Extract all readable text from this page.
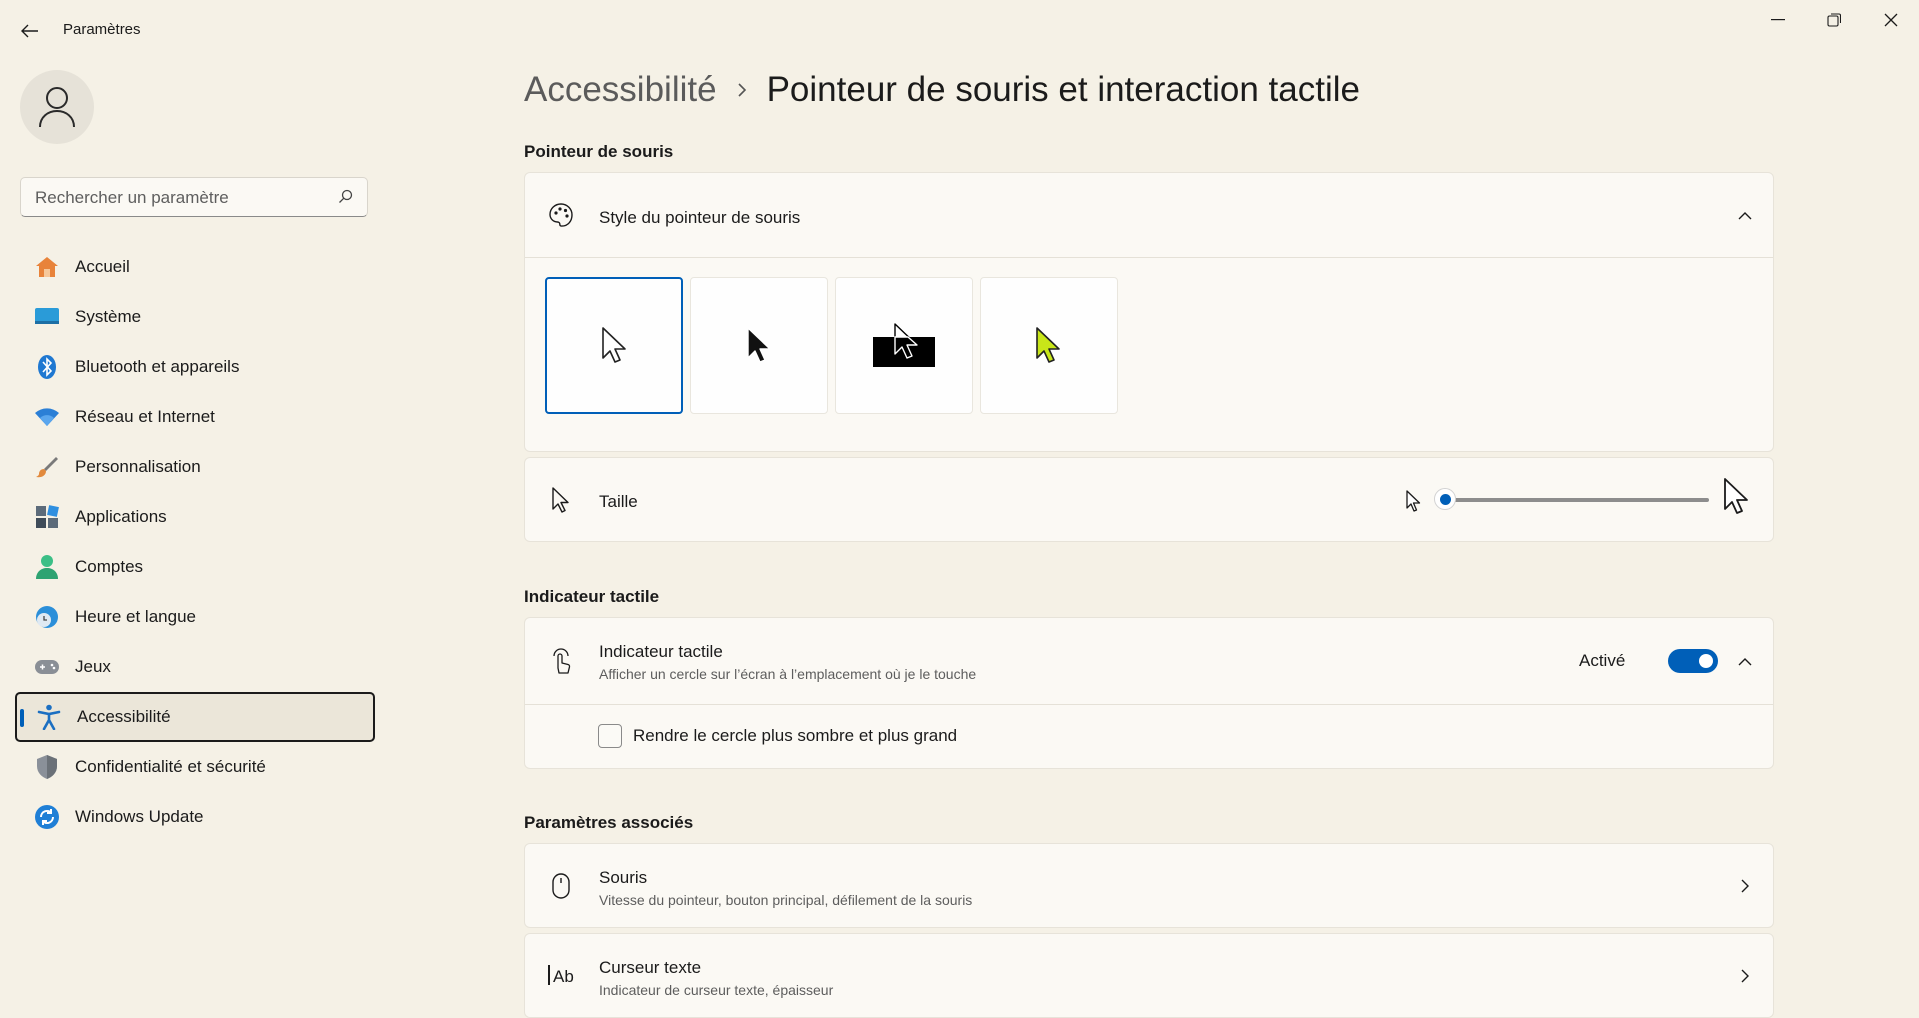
Paramètres
Rechercher un paramètre
Accueil
Système
Bluetooth et appareils
Réseau et Internet
Personnalisation
Applications
Comptes
Heure et langue
Jeux
Accessibilité
Confidentialité et sécurité
Windows Update
Accessibilité Pointeur de souris et interaction tactile
Pointeur de souris
Style du pointeur de souris
Taille
Indicateur tactile
Indicateur tactile
Afficher un cercle sur l’écran à l’emplacement où je le touche
Activé
Rendre le cercle plus sombre et plus grand
Paramètres associés
Souris
Vitesse du pointeur, bouton principal, défilement de la souris
Ab Curseur texte
Indicateur de curseur texte, épaisseur
